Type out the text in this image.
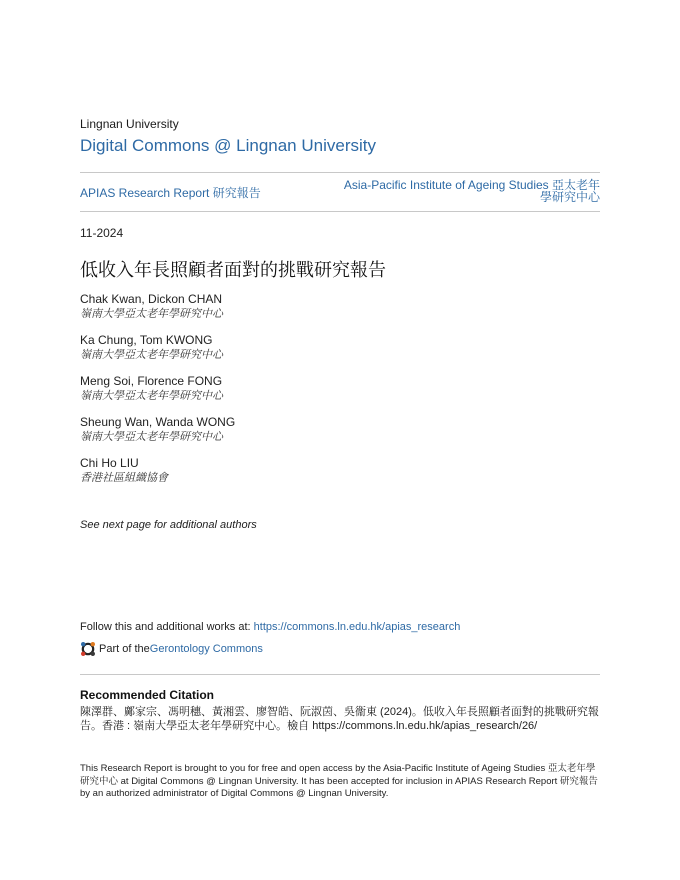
Lingnan University
Digital Commons @ Lingnan University
APIAS Research Report 研究報告
Asia-Pacific Institute of Ageing Studies 亞太老年學研究中心
11-2024
低收入年長照顧者面對的挑戰研究報告
Chak Kwan, Dickon CHAN
嶺南大學亞太老年學研究中心
Ka Chung, Tom KWONG
嶺南大學亞太老年學研究中心
Meng Soi, Florence FONG
嶺南大學亞太老年學研究中心
Sheung Wan, Wanda WONG
嶺南大學亞太老年學研究中心
Chi Ho LIU
香港社區組織協會
See next page for additional authors
Follow this and additional works at: https://commons.ln.edu.hk/apias_research
Part of the Gerontology Commons
Recommended Citation
陳澤群、鄺家宗、馮明穗、黃湘雲、廖智皓、阮淑茵、吳衞東 (2024)。低收入年長照顧者面對的挑戰研究報告。香港 : 嶺南大學亞太老年學研究中心。檢自 https://commons.ln.edu.hk/apias_research/26/
This Research Report is brought to you for free and open access by the Asia-Pacific Institute of Ageing Studies 亞太老年學研究中心 at Digital Commons @ Lingnan University. It has been accepted for inclusion in APIAS Research Report 研究報告 by an authorized administrator of Digital Commons @ Lingnan University.
